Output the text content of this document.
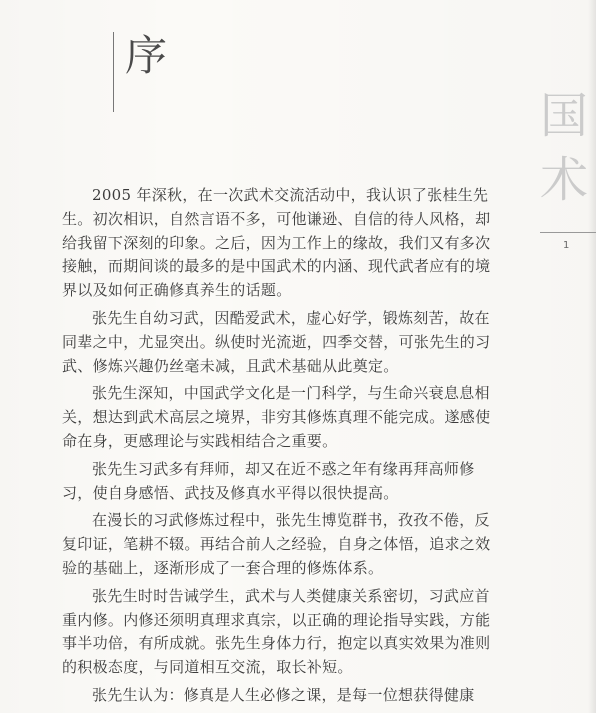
序
国
术
1

2005 年深秋，在一次武术交流活动中，我认识了张桂生先生。初次相识，自然言语不多，可他谦逊、自信的待人风格，却给我留下深刻的印象。之后，因为工作上的缘故，我们又有多次接触，而期间谈的最多的是中国武术的内涵、现代武者应有的境界以及如何正确修真养生的话题。

张先生自幼习武，因酷爱武术，虚心好学，锻炼刻苦，故在同辈之中，尤显突出。纵使时光流逝，四季交替，可张先生的习武、修炼兴趣仍丝毫未减，且武术基础从此奠定。

张先生深知，中国武学文化是一门科学，与生命兴衰息息相关，想达到武术高层之境界，非穷其修炼真理不能完成。遂感使命在身，更感理论与实践相结合之重要。

张先生习武多有拜师，却又在近不惑之年有缘再拜高师修习，使自身感悟、武技及修真水平得以很快提高。

在漫长的习武修炼过程中，张先生博览群书，孜孜不倦，反复印证，笔耕不辍。再结合前人之经验，自身之体悟，追求之效验的基础上，逐渐形成了一套合理的修炼体系。

张先生时时告诫学生，武术与人类健康关系密切，习武应首重内修。内修还须明真理求真宗，以正确的理论指导实践，方能事半功倍，有所成就。张先生身体力行，抱定以真实效果为准则的积极态度，与同道相互交流，取长补短。

张先生认为：修真是人生必修之课，是每一位想获得健康
